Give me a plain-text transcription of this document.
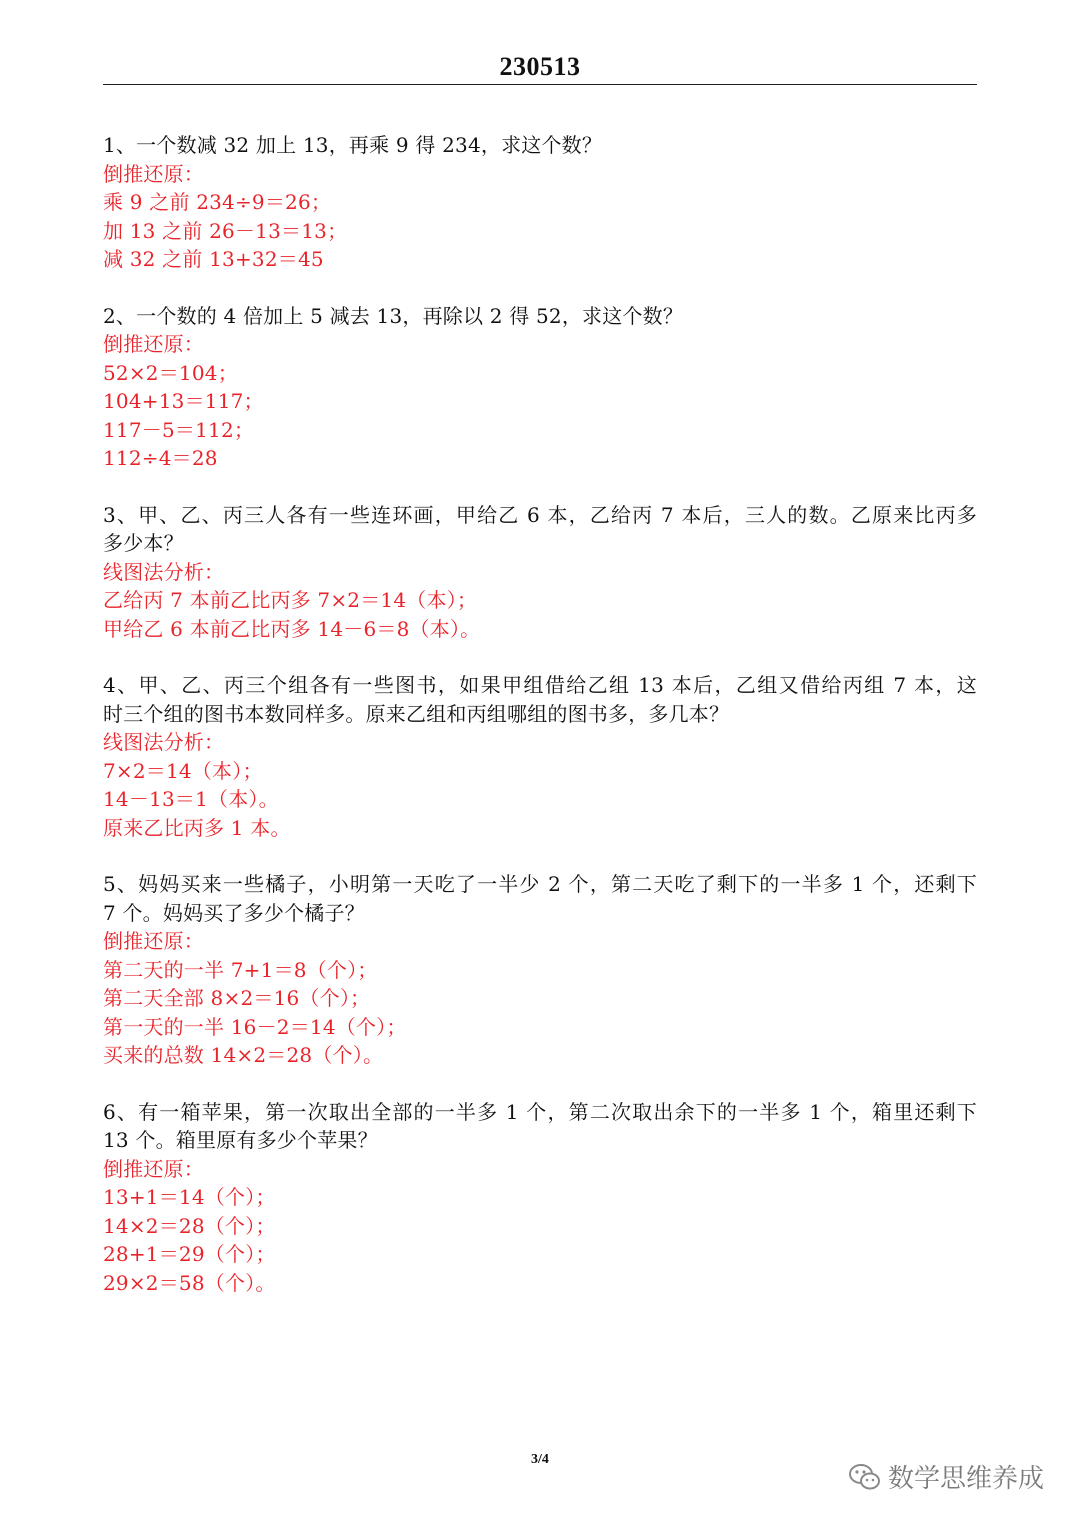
230513
1、一个数减 32 加上 13，再乘 9 得 234，求这个数？
倒推还原：
乘 9 之前 234÷9＝26；
加 13 之前 26－13＝13；
减 32 之前 13+32＝45
2、一个数的 4 倍加上 5 减去 13，再除以 2 得 52，求这个数？
倒推还原：
52×2＝104；
104+13＝117；
117－5＝112；
112÷4＝28
3、甲、乙、丙三人各有一些连环画，甲给乙 6 本，乙给丙 7 本后，三人的数。乙原来比丙多
多少本？
线图法分析：
乙给丙 7 本前乙比丙多 7×2＝14（本）；
甲给乙 6 本前乙比丙多 14－6＝8（本）。
4、甲、乙、丙三个组各有一些图书，如果甲组借给乙组 13 本后，乙组又借给丙组 7 本，这
时三个组的图书本数同样多。原来乙组和丙组哪组的图书多，多几本？
线图法分析：
7×2＝14（本）；
14－13＝1（本）。
原来乙比丙多 1 本。
5、妈妈买来一些橘子，小明第一天吃了一半少 2 个，第二天吃了剩下的一半多 1 个，还剩下
7 个。妈妈买了多少个橘子？
倒推还原：
第二天的一半 7+1＝8（个）；
第二天全部 8×2＝16（个）；
第一天的一半 16－2＝14（个）；
买来的总数 14×2＝28（个）。
6、有一箱苹果，第一次取出全部的一半多 1 个，第二次取出余下的一半多 1 个，箱里还剩下
13 个。箱里原有多少个苹果？
倒推还原：
13+1＝14（个）；
14×2＝28（个）；
28+1＝29（个）；
29×2＝58（个）。
3/4
数学思维养成
